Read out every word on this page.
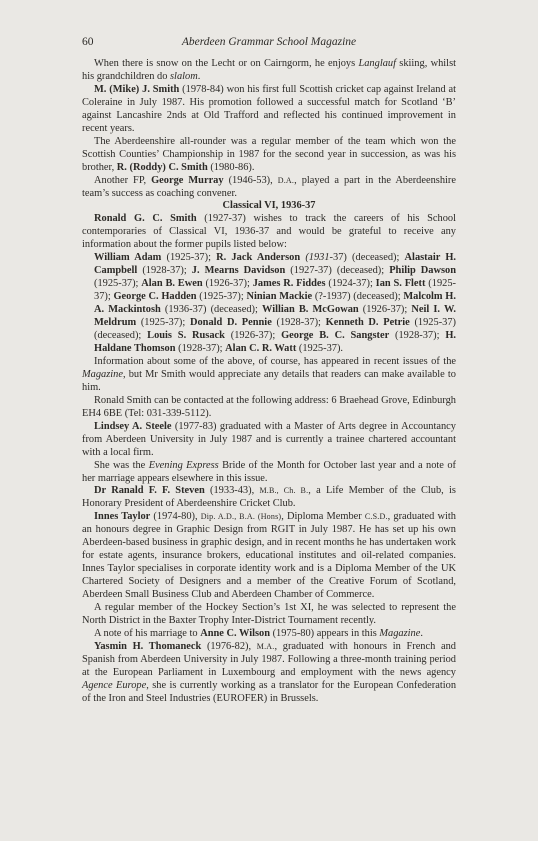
60	Aberdeen Grammar School Magazine

When there is snow on the Lecht or on Cairngorm, he enjoys Langlauf skiing, whilst his grandchildren do slalom.

M. (Mike) J. Smith (1978-84) won his first full Scottish cricket cap against Ireland at Coleraine in July 1987. His promotion followed a successful match for Scotland ‘B’ against Lancashire 2nds at Old Trafford and reflected his continued improvement in recent years.

The Aberdeenshire all-rounder was a regular member of the team which won the Scottish Counties’ Championship in 1987 for the second year in succession, as was his brother, R. (Roddy) C. Smith (1980-86).

Another FP, George Murray (1946-53), D.A., played a part in the Aberdeenshire team’s success as coaching convener.

Classical VI, 1936-37

Ronald G. C. Smith (1927-37) wishes to track the careers of his School contemporaries of Classical VI, 1936-37 and would be grateful to receive any information about the former pupils listed below:

William Adam (1925-37); R. Jack Anderson (1931-37) (deceased); Alastair H. Campbell (1928-37); J. Mearns Davidson (1927-37) (deceased); Philip Dawson (1925-37); Alan B. Ewen (1926-37); James R. Fiddes (1924-37); Ian S. Flett (1925-37); George C. Hadden (1925-37); Ninian Mackie (?-1937) (deceased); Malcolm H. A. Mackintosh (1936-37) (deceased); Willian B. McGowan (1926-37); Neil I. W. Meldrum (1925-37); Donald D. Pennie (1928-37); Kenneth D. Petrie (1925-37) (deceased); Louis S. Rusack (1926-37); George B. C. Sangster (1928-37); H. Haldane Thomson (1928-37); Alan C. R. Watt (1925-37).

Information about some of the above, of course, has appeared in recent issues of the Magazine, but Mr Smith would appreciate any details that readers can make available to him.

Ronald Smith can be contacted at the following address: 6 Braehead Grove, Edinburgh EH4 6BE (Tel: 031-339-5112).

Lindsey A. Steele (1977-83) graduated with a Master of Arts degree in Accountancy from Aberdeen University in July 1987 and is currently a trainee chartered accountant with a local firm.

She was the Evening Express Bride of the Month for October last year and a note of her marriage appears elsewhere in this issue.

Dr Ranald F. F. Steven (1933-43), M.B., Ch. B., a Life Member of the Club, is Honorary President of Aberdeenshire Cricket Club.

Innes Taylor (1974-80), Dip. A.D., B.A. (Hons), Diploma Member C.S.D., graduated with an honours degree in Graphic Design from RGIT in July 1987. He has set up his own Aberdeen-based business in graphic design, and in recent months he has undertaken work for estate agents, insurance brokers, educational institutes and oil-related companies. Innes Taylor specialises in corporate identity work and is a Diploma Member of the UK Chartered Society of Designers and a member of the Creative Forum of Scotland, Aberdeen Small Business Club and Aberdeen Chamber of Commerce.

A regular member of the Hockey Section’s 1st XI, he was selected to represent the North District in the Baxter Trophy Inter-District Tournament recently.

A note of his marriage to Anne C. Wilson (1975-80) appears in this Magazine.

Yasmin H. Thomaneck (1976-82), M.A., graduated with honours in French and Spanish from Aberdeen University in July 1987. Following a three-month training period at the European Parliament in Luxembourg and employment with the news agency Agence Europe, she is currently working as a translator for the European Confederation of the Iron and Steel Industries (EUROFER) in Brussels.
